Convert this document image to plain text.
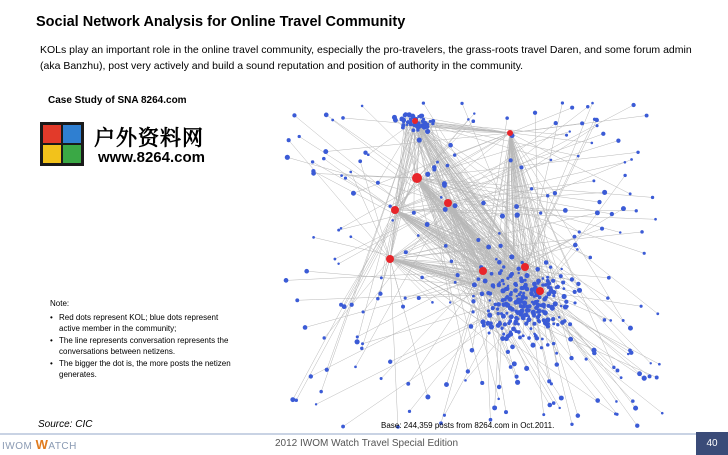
Social Network Analysis for Online Travel Community
KOLs play an important role in the online travel community, especially the pro-travelers, the grass-roots travel Daren, and some forum admin (aka Banzhu), post very actively and build a sound reputation and position of authority in the community.
Case Study of SNA 8264.com
户外资料网
www.8264.com
Note:
• Red dots represent KOL; blue dots represent active member in the community;
• The line represents conversation represents the conversations between netizens.
• The bigger the dot is, the more posts the netizen generates.
Source: CIC	Base: 244,359 posts from 8264.com in Oct.2011.
IWOM WATCH	2012 IWOM Watch Travel Special Edition	40
